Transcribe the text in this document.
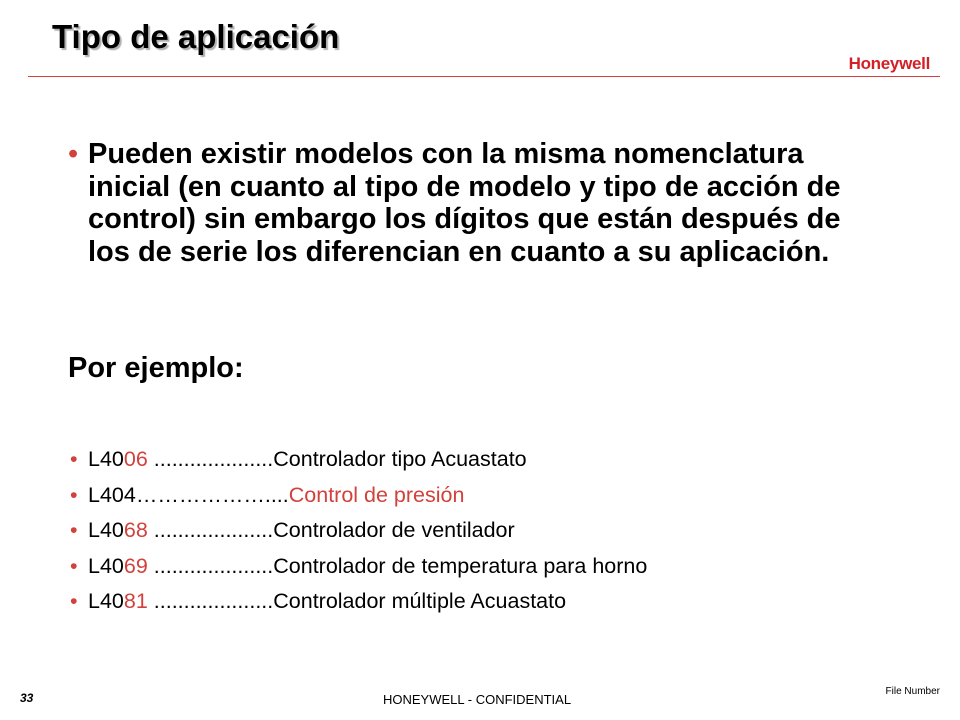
Tipo de aplicación
Honeywell
• Pueden existir modelos con la misma nomenclatura inicial (en cuanto al tipo de modelo y tipo de acción de control) sin embargo los dígitos que están después de los de serie los diferencian en cuanto a su aplicación.
Por ejemplo:
• L4006 ....................Controlador tipo Acuastato
• L404………………....Control de presión
• L4068 ....................Controlador de ventilador
• L4069 ....................Controlador de temperatura para horno
• L4081 ....................Controlador múltiple Acuastato
33	HONEYWELL - CONFIDENTIAL
File Number
